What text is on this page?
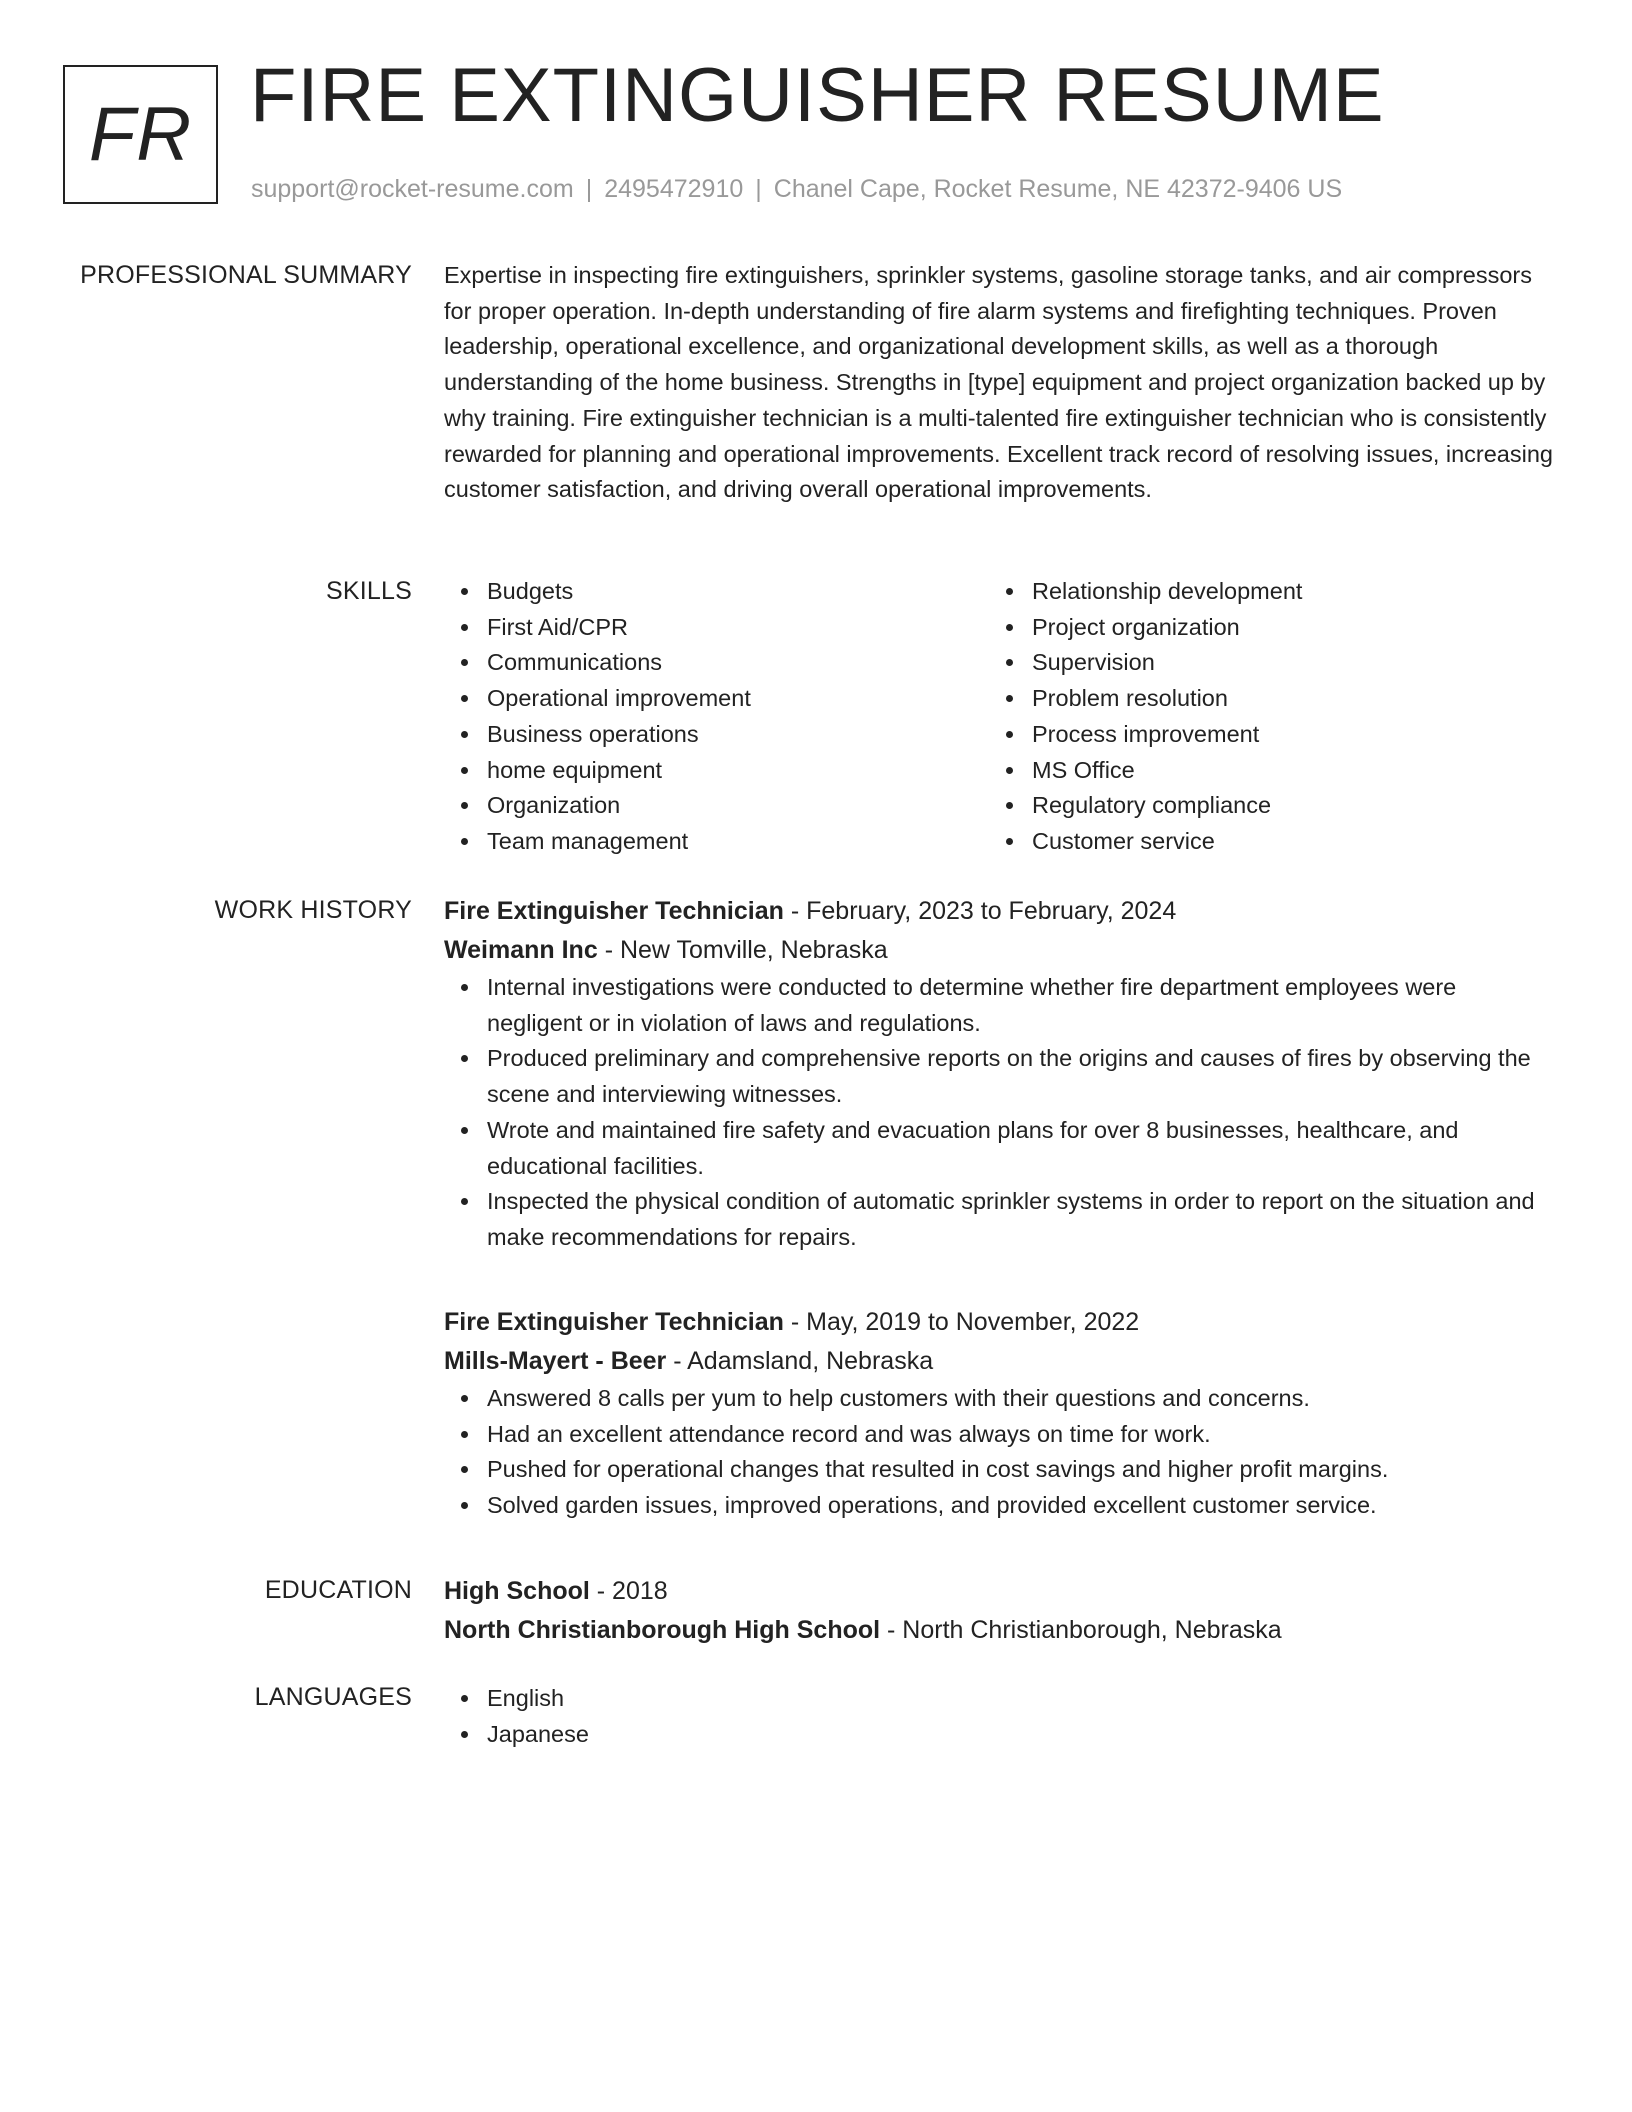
FR FIRE EXTINGUISHER RESUME
support@rocket-resume.com | 2495472910 | Chanel Cape, Rocket Resume, NE 42372-9406 US
PROFESSIONAL SUMMARY Expertise in inspecting fire extinguishers, sprinkler systems, gasoline storage tanks, and air compressors for proper operation. In-depth understanding of fire alarm systems and firefighting techniques. Proven leadership, operational excellence, and organizational development skills, as well as a thorough understanding of the home business. Strengths in [type] equipment and project organization backed up by why training. Fire extinguisher technician is a multi-talented fire extinguisher technician who is consistently rewarded for planning and operational improvements. Excellent track record of resolving issues, increasing customer satisfaction, and driving overall operational improvements.

SKILLS	Budgets
First Aid/CPR
Communications
Operational improvement
Business operations
home equipment
Organization
Team management
Relationship development
Project organization
Supervision
Problem resolution
Process improvement
MS Office
Regulatory compliance
Customer service
WORK HISTORY Fire Extinguisher Technician - February, 2023 to February, 2024
Weimann Inc - New Tomville, Nebraska
Internal investigations were conducted to determine whether fire department employees were negligent or in violation of laws and regulations.
Produced preliminary and comprehensive reports on the origins and causes of fires by observing the scene and interviewing witnesses.
Wrote and maintained fire safety and evacuation plans for over 8 businesses, healthcare, and educational facilities.
Inspected the physical condition of automatic sprinkler systems in order to report on the situation and make recommendations for repairs.
Fire Extinguisher Technician - May, 2019 to November, 2022
Mills-Mayert - Beer - Adamsland, Nebraska
Answered 8 calls per yum to help customers with their questions and concerns.
Had an excellent attendance record and was always on time for work.
Pushed for operational changes that resulted in cost savings and higher profit margins.
Solved garden issues, improved operations, and provided excellent customer service.
EDUCATION High School - 2018
North Christianborough High School - North Christianborough, Nebraska
LANGUAGES	English
Japanese
